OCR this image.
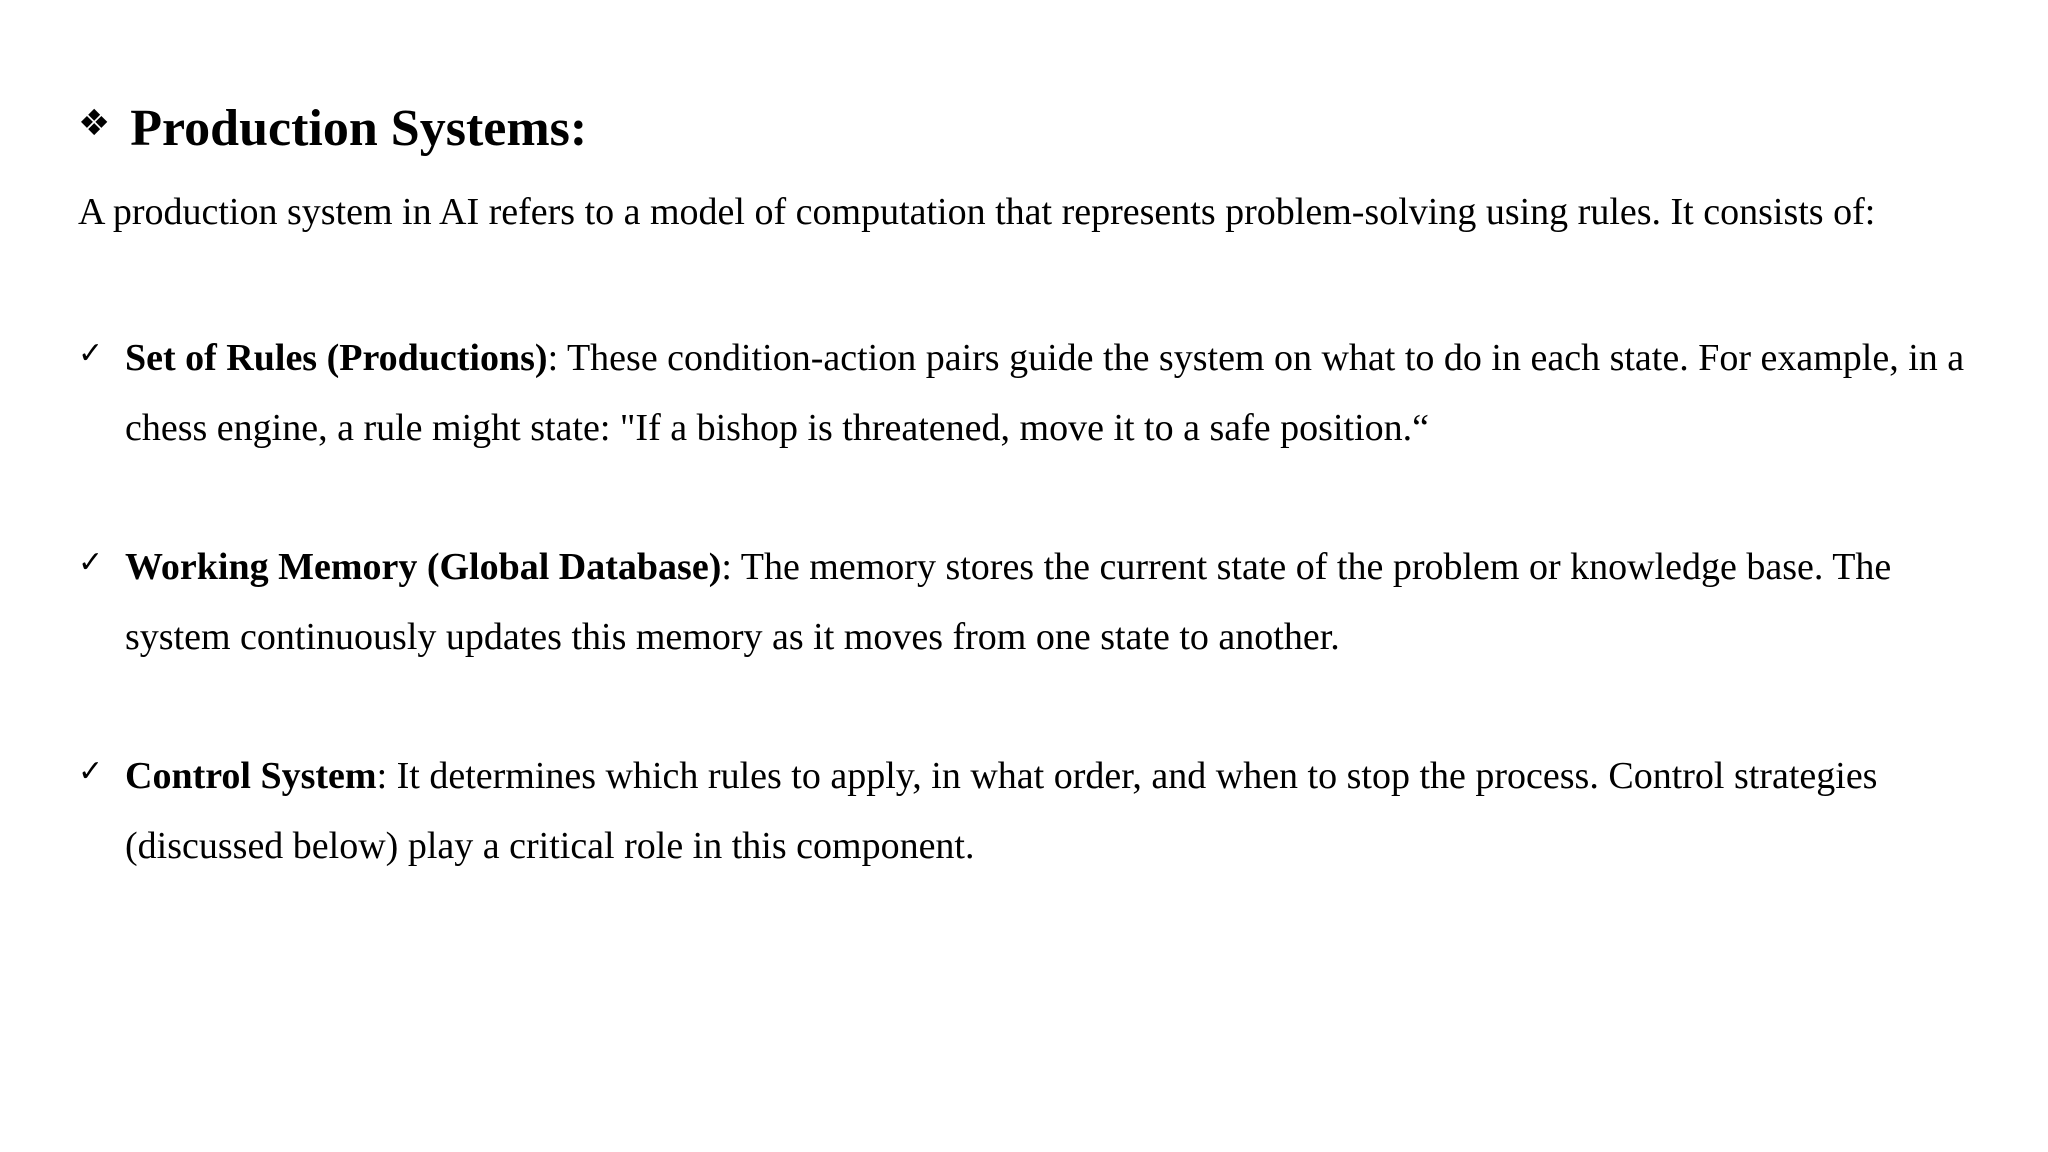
❖ Production Systems:
A production system in AI refers to a model of computation that represents problem-solving using rules. It consists of:
✓ Set of Rules (Productions): These condition-action pairs guide the system on what to do in each state. For example, in a chess engine, a rule might state: "If a bishop is threatened, move it to a safe position.“
✓ Working Memory (Global Database): The memory stores the current state of the problem or knowledge base. The system continuously updates this memory as it moves from one state to another.
✓ Control System: It determines which rules to apply, in what order, and when to stop the process. Control strategies (discussed below) play a critical role in this component.
